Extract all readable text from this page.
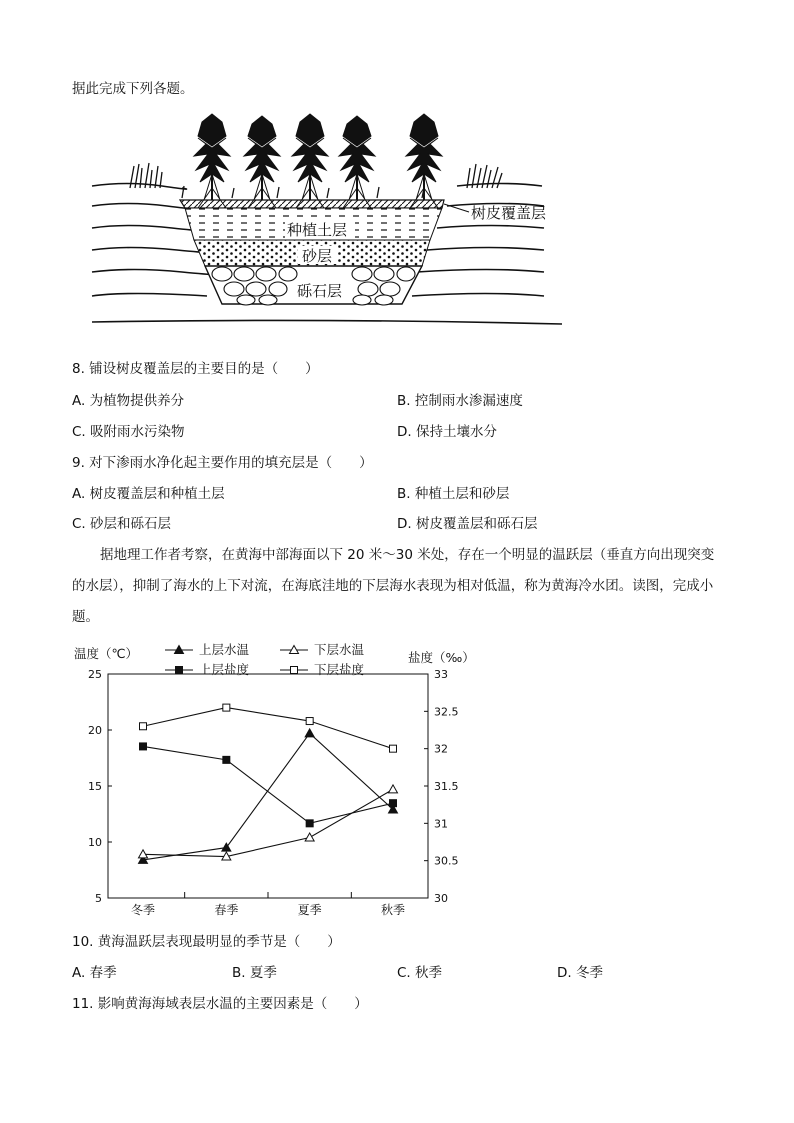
据此完成下列各题。
树皮覆盖层
种植土层
砂层
砾石层
8. 铺设树皮覆盖层的主要目的是（　　）
A. 为植物提供养分	B. 控制雨水渗漏速度
C. 吸附雨水污染物	D. 保持土壤水分
9. 对下渗雨水净化起主要作用的填充层是（　　）
A. 树皮覆盖层和种植土层	B. 种植土层和砂层
C. 砂层和砾石层	D. 树皮覆盖层和砾石层
据地理工作者考察，在黄海中部海面以下 20 米～30 米处，存在一个明显的温跃层（垂直方向出现突变的水层），抑制了海水的上下对流，在海底洼地的下层海水表现为相对低温，称为黄海冷水团。读图，完成小题。
5
10
15
20
25
30
30.5
31
31.5
32
32.5
33
冬季	春季	夏季	秋季
温度（℃）	盐度（‰）
上层水温	下层水温
上层盐度	下层盐度
10. 黄海温跃层表现最明显的季节是（　　）
A. 春季	B. 夏季	C. 秋季	D. 冬季
11. 影响黄海海域表层水温的主要因素是（　　）
